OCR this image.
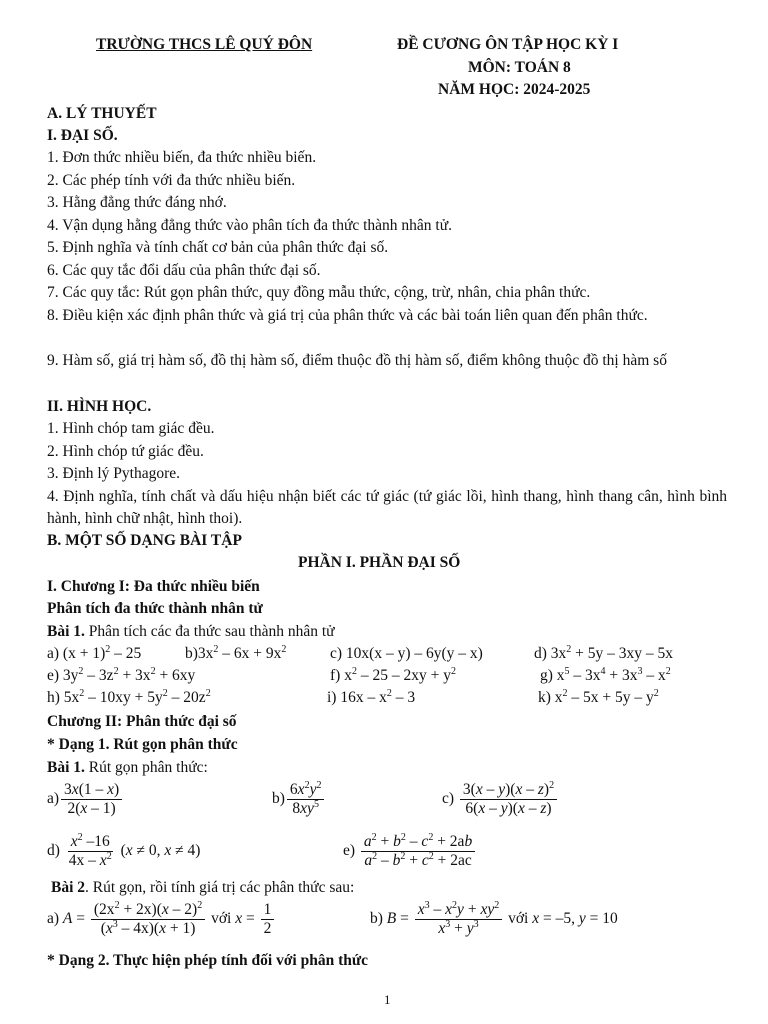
TRƯỜNG THCS LÊ QUÝ ĐÔN	ĐỀ CƯƠNG ÔN TẬP HỌC KỲ I
MÔN: TOÁN 8
NĂM HỌC: 2024-2025
A. LÝ THUYẾT
I. ĐẠI SỐ.
1. Đơn thức nhiều biến, đa thức nhiều biến.
2. Các phép tính với đa thức nhiều biến.
3. Hằng đẳng thức đáng nhớ.
4. Vận dụng hằng đẳng thức vào phân tích đa thức thành nhân tử.
5. Định nghĩa và tính chất cơ bản của phân thức đại số.
6. Các quy tắc đổi dấu của phân thức đại số.
7. Các quy tắc: Rút gọn phân thức, quy đồng mẫu thức, cộng, trừ, nhân, chia phân thức.
8. Điều kiện xác định phân thức và giá trị của phân thức và các bài toán liên quan đến phân thức.
9. Hàm số, giá trị hàm số, đồ thị hàm số, điểm thuộc đồ thị hàm số, điểm không thuộc đồ thị hàm số
II. HÌNH HỌC.
1. Hình chóp tam giác đều.
2. Hình chóp tứ giác đều.
3. Định lý Pythagore.
4. Định nghĩa, tính chất và dấu hiệu nhận biết các tứ giác (tứ giác lồi, hình thang, hình thang cân, hình bình hành, hình chữ nhật, hình thoi).
B. MỘT SỐ DẠNG BÀI TẬP
PHẦN I. PHẦN ĐẠI SỐ
I. Chương I: Đa thức nhiều biến
Phân tích đa thức thành nhân tử
Bài 1. Phân tích các đa thức sau thành nhân tử
a) $(x + 1)^2 - 25$	$b)3x^2 - 6x + 9x^2$	c) 10x(x – y) – 6y(y – x)	d) $3x^2 + 5y - 3xy - 5x$
e) $3y^2 - 3z^2 + 3x^2 + 6xy$	f) $x^2 - 25 - 2xy + y^2$	g) $x^5 - 3x^4 + 3x^3 - x^2$
h) $5x^2 - 10xy + 5y^2 - 20z^2$	i) $16x - x^2 - 3$	k) $x^2 - 5x + 5y - y^2$
Chương II: Phân thức đại số
* Dạng 1. Rút gọn phân thức
Bài 1. Rút gọn phân thức:
$a) \frac{3x(1 - x)}{2(x - 1)}$	$b) \frac{6x^2y^2}{8xy^5}$	$c) \frac{3(x - y)(x - z)^2}{6(x - y)(x - z)}$
$d) \frac{x^2 -16}{4x - x^2} (x \ne 0$, x ≠ 4)	$e) \frac{a^2 + b^2 - c^2 + 2ab}{a^2 - b^2 + c^2 + 2ac}$
Bài 2. Rút gọn, rồi tính giá trị các phân thức sau:
a) $A = \frac{(2x^2 + 2x)(x - 2)^2}{(x^3 - 4x)(x + 1)}$ với $x = \frac{1}{2}$	b) $B = \frac{x^3 - x^2y + xy^2}{x^3 + y^3}$ với x = –5, y = 10
* Dạng 2. Thực hiện phép tính đối với phân thức
1
